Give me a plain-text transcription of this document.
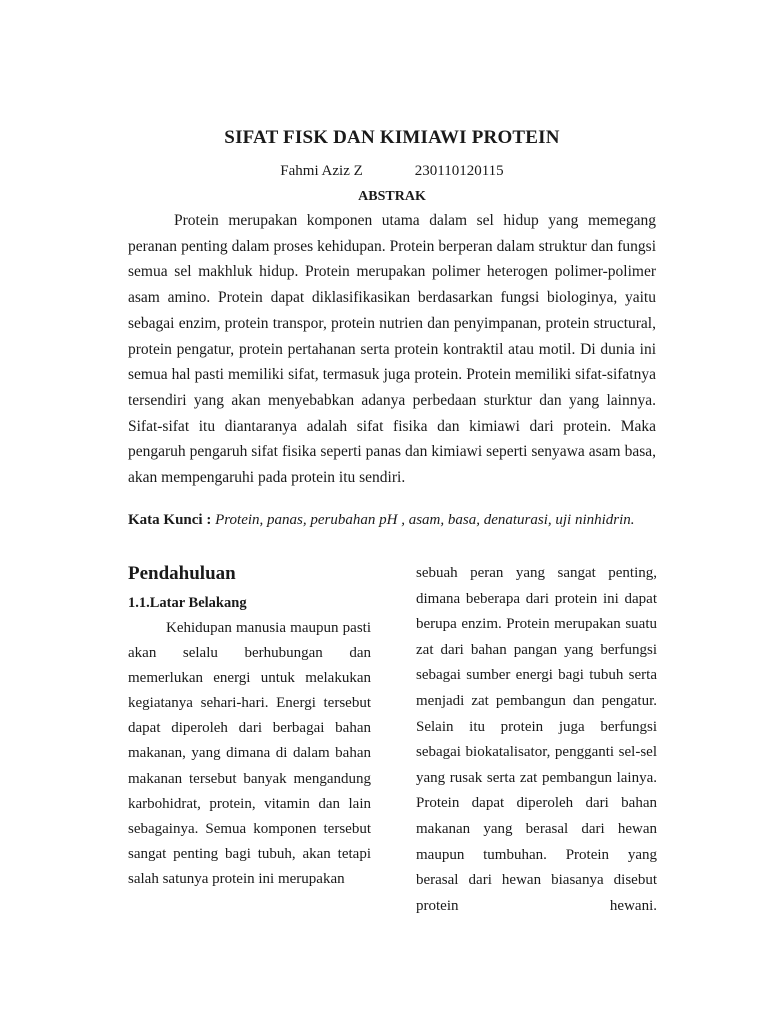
SIFAT FISK DAN KIMIAWI PROTEIN

Fahmi Aziz Z	230110120115

ABSTRAK

Protein merupakan komponen utama dalam sel hidup yang memegang peranan penting dalam proses kehidupan. Protein berperan dalam struktur dan fungsi semua sel makhluk hidup. Protein merupakan polimer heterogen polimer-polimer asam amino. Protein dapat diklasifikasikan berdasarkan fungsi biologinya, yaitu sebagai enzim, protein transpor, protein nutrien dan penyimpanan, protein structural, protein pengatur, protein pertahanan serta protein kontraktil atau motil. Di dunia ini semua hal pasti memiliki sifat, termasuk juga protein. Protein memiliki sifat-sifatnya tersendiri yang akan menyebabkan adanya perbedaan sturktur dan yang lainnya. Sifat-sifat itu diantaranya adalah sifat fisika dan kimiawi dari protein. Maka pengaruh pengaruh sifat fisika seperti panas dan kimiawi seperti senyawa asam basa, akan mempengaruhi pada protein itu sendiri.

Kata Kunci : Protein, panas, perubahan pH , asam, basa, denaturasi, uji ninhidrin.

Pendahuluan
1.1.Latar Belakang

Kehidupan manusia maupun pasti akan selalu berhubungan dan memerlukan energi untuk melakukan kegiatanya sehari-hari. Energi tersebut dapat diperoleh dari berbagai bahan makanan, yang dimana di dalam bahan makanan tersebut banyak mengandung karbohidrat, protein, vitamin dan lain sebagainya. Semua komponen tersebut sangat penting bagi tubuh, akan tetapi salah satunya protein ini merupakan

sebuah peran yang sangat penting, dimana beberapa dari protein ini dapat berupa enzim. Protein merupakan suatu zat dari bahan pangan yang berfungsi sebagai sumber energi bagi tubuh serta menjadi zat pembangun dan pengatur. Selain itu protein juga berfungsi sebagai biokatalisator, pengganti sel-sel yang rusak serta zat pembangun lainya. Protein dapat diperoleh dari bahan makanan yang berasal dari hewan maupun tumbuhan. Protein yang berasal dari hewan biasanya disebut protein hewani.
